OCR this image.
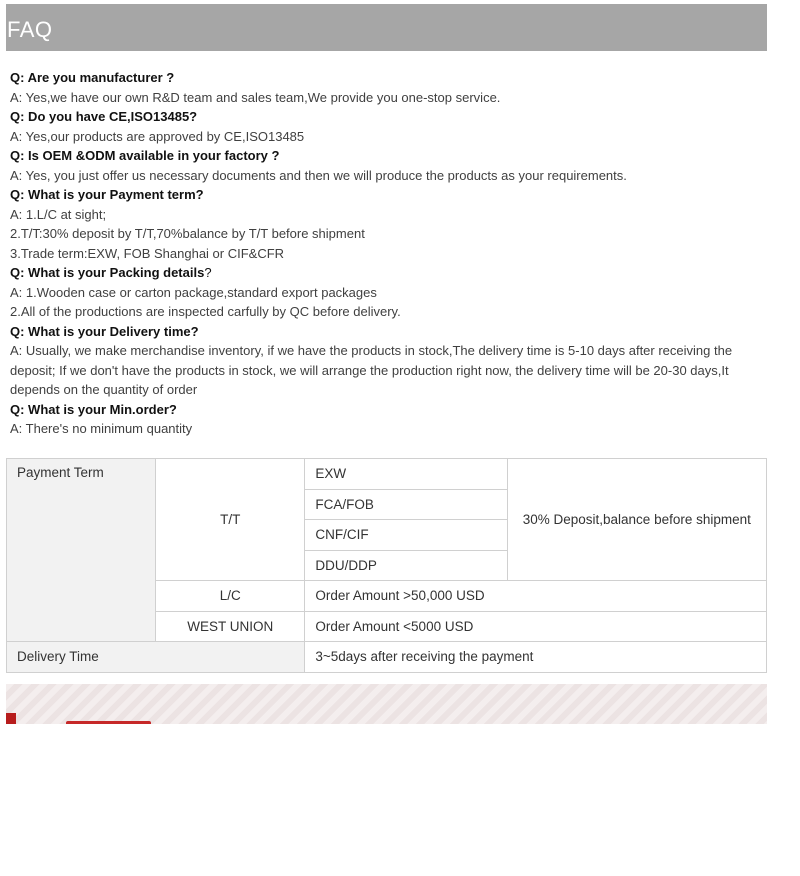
FAQ
Q: Are you manufacturer ?
A: Yes,we have our own R&D team and sales team,We provide you one-stop service.
Q: Do you have CE,ISO13485?
A: Yes,our products are approved by CE,ISO13485
Q: Is OEM &ODM available in your factory ?
A: Yes, you just offer us necessary documents and then we will produce the products as your requirements.
Q: What is your Payment term?
A: 1.L/C at sight;
2.T/T:30% deposit by T/T,70%balance by T/T before shipment
3.Trade term:EXW, FOB Shanghai or CIF&CFR
Q: What is your Packing details?
A: 1.Wooden case or carton package,standard export packages
2.All of the productions are inspected carfully by QC before delivery.
Q: What is your Delivery time?
A: Usually, we make merchandise inventory, if we have the products in stock,The delivery time is 5-10 days after receiving the deposit; If we don't have the products in stock, we will arrange the production right now, the delivery time will be 20-30 days,It depends on the quantity of order
Q: What is your Min.order?
A: There's no minimum quantity
Payment Term	T/T	EXW	30% Deposit,balance before shipment
		FCA/FOB	
		CNF/CIF	
		DDU/DDP	
	L/C	Order Amount >50,000 USD	
	WEST UNION	Order Amount <5000 USD	
Delivery Time		3~5days after receiving the payment	
